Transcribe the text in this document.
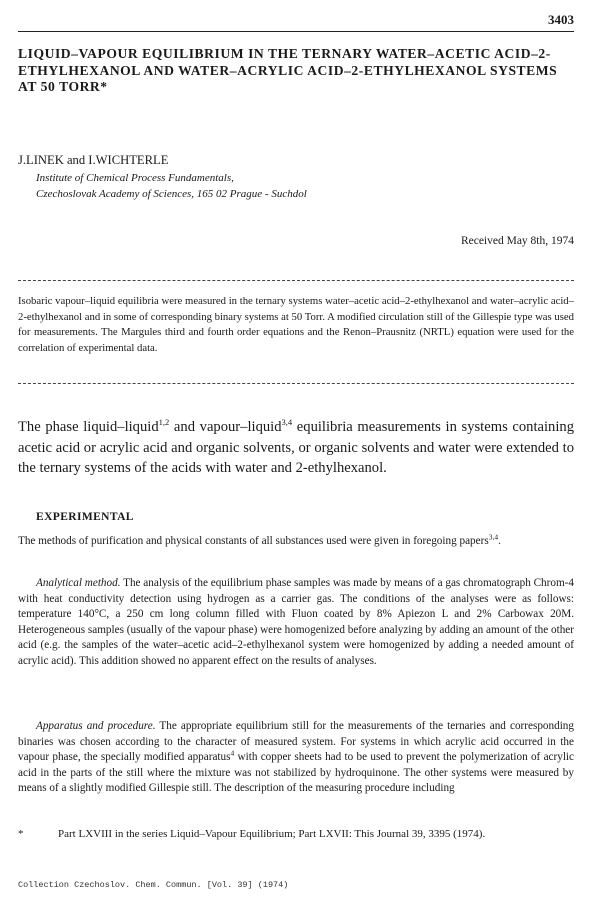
3403
LIQUID–VAPOUR EQUILIBRIUM IN THE TERNARY WATER–ACETIC ACID–2-ETHYLHEXANOL AND WATER–ACRYLIC ACID–2-ETHYLHEXANOL SYSTEMS AT 50 TORR*
J.LINEK and I.WICHTERLE
Institute of Chemical Process Fundamentals,
Czechoslovak Academy of Sciences, 165 02 Prague - Suchdol
Received May 8th, 1974
Isobaric vapour–liquid equilibria were measured in the ternary systems water–acetic acid–2-ethylhexanol and water–acrylic acid–2-ethylhexanol and in some of corresponding binary systems at 50 Torr. A modified circulation still of the Gillespie type was used for measurements. The Margules third and fourth order equations and the Renon–Prausnitz (NRTL) equation were used for the correlation of experimental data.
The phase liquid–liquid$^{1,2}$ and vapour–liquid$^{3,4}$ equilibria measurements in systems containing acetic acid or acrylic acid and organic solvents, or organic solvents and water were extended to the ternary systems of the acids with water and 2-ethylhexanol.
EXPERIMENTAL
The methods of purification and physical constants of all substances used were given in foregoing papers$^{3,4}$.
Analytical method. The analysis of the equilibrium phase samples was made by means of a gas chromatograph Chrom-4 with heat conductivity detection using hydrogen as a carrier gas. The conditions of the analyses were as follows: temperature 140°C, a 250 cm long column filled with Fluon coated by 8% Apiezon L and 2% Carbowax 20M. Heterogeneous samples (usually of the vapour phase) were homogenized before analyzing by adding an amount of the other acid (e.g. the samples of the water–acetic acid–2-ethylhexanol system were homogenized by adding a needed amount of acrylic acid). This addition showed no apparent effect on the results of analyses.
Apparatus and procedure. The appropriate equilibrium still for the measurements of the ternaries and corresponding binaries was chosen according to the character of measured system. For systems in which acrylic acid occurred in the vapour phase, the specially modified apparatus$^4$ with copper sheets had to be used to prevent the polymerization of acrylic acid in the parts of the still where the mixture was not stabilized by hydroquinone. The other systems were measured by means of a slightly modified Gillespie still. The description of the measuring procedure including
*	Part LXVIII in the series Liquid–Vapour Equilibrium; Part LXVII: This Journal 39, 3395 (1974).
Collection Czechoslov. Chem. Commun. [Vol. 39] (1974)
